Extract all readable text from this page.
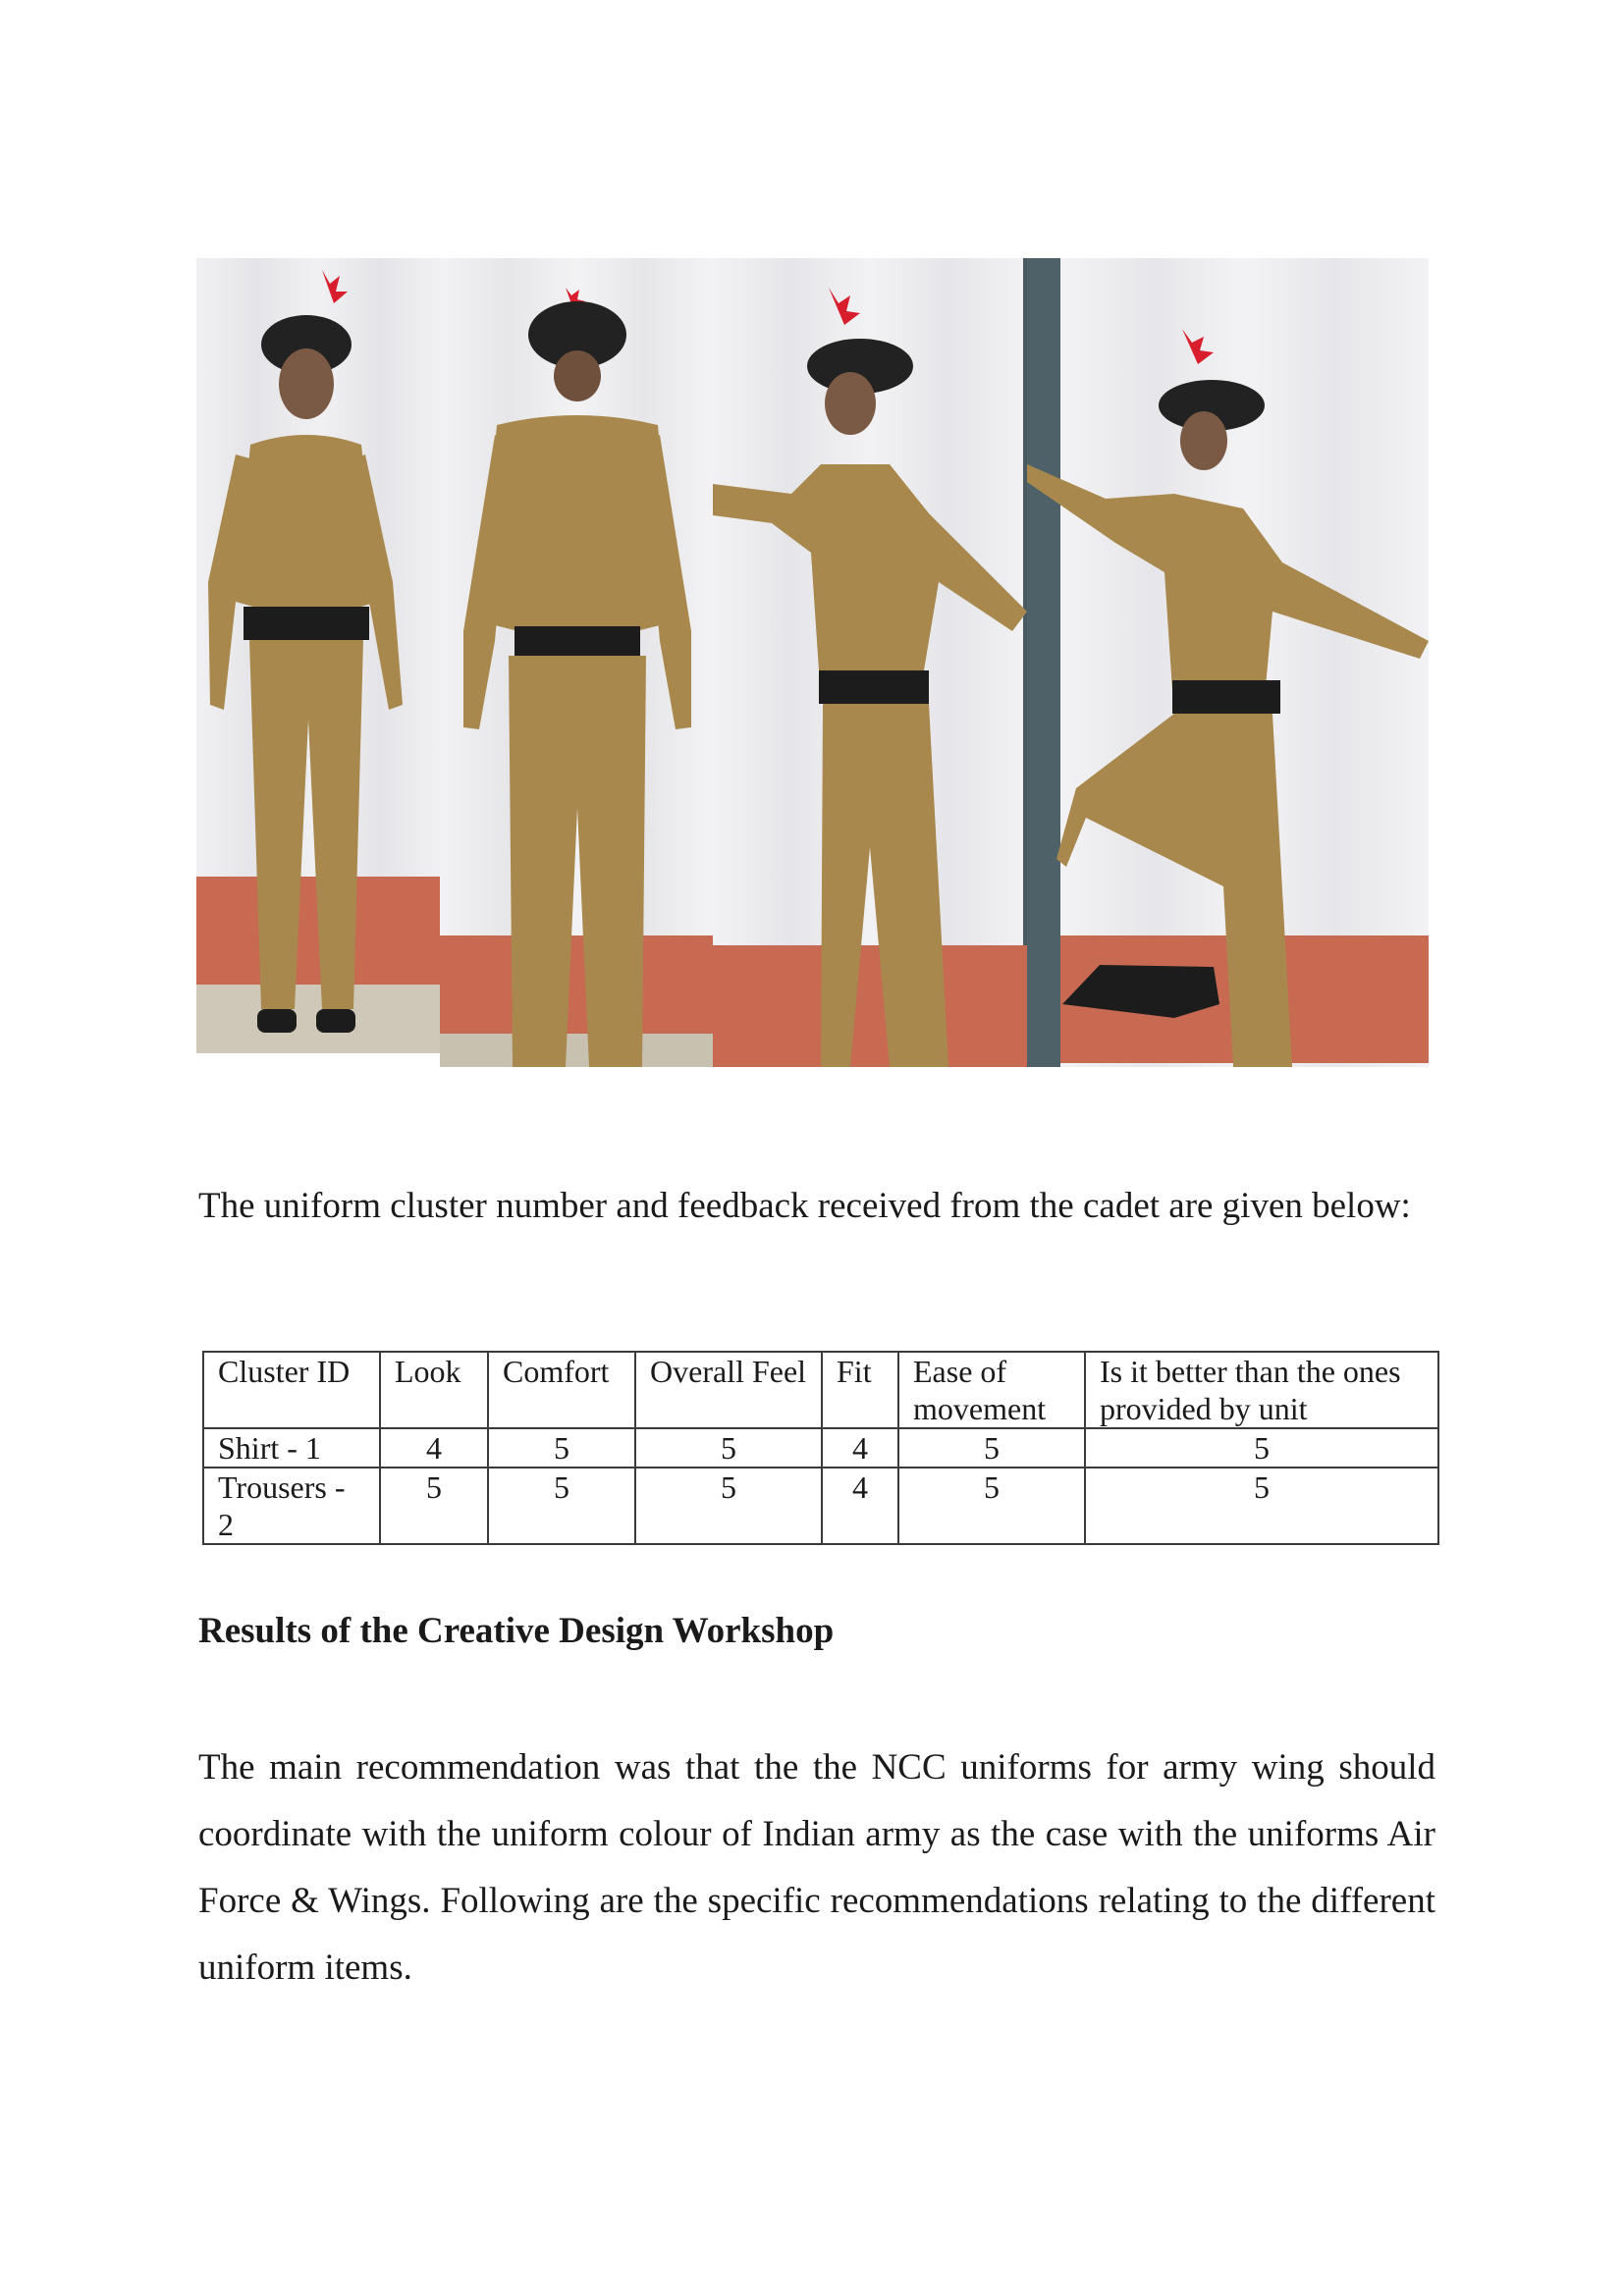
The uniform cluster number and feedback received from the cadet are given below:

Cluster ID	Look	Comfort	Overall Feel	Fit	Ease of movement	Is it better than the ones provided by unit
Shirt - 1	4	5	5	4	5	5
Trousers - 2	5	5	5	4	5	5
Results of the Creative Design Workshop

The main recommendation was that the the NCC uniforms for army wing should coordinate with the uniform colour of Indian army as the case with the uniforms Air Force & Wings. Following are the specific recommendations relating to the different uniform items.
